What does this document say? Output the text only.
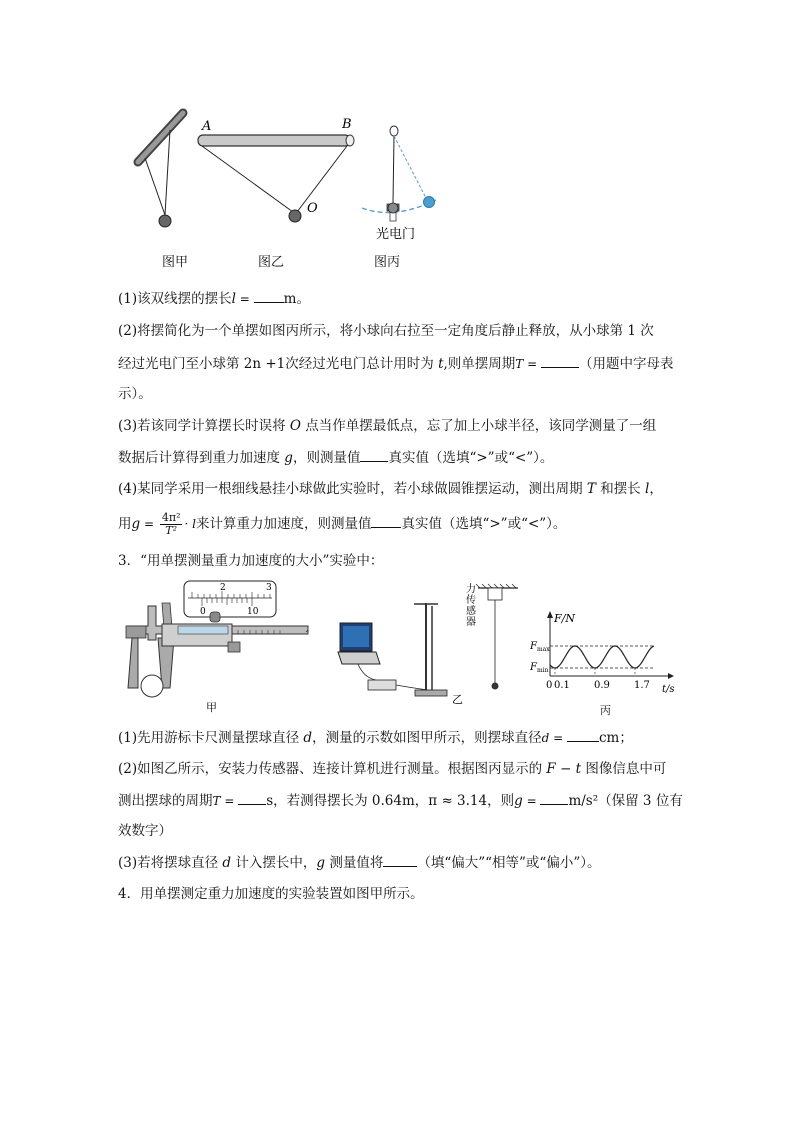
A	B
O
光电门
图甲	图乙	图丙
(1)该双线摆的摆长l = m。
(2)将摆简化为一个单摆如图丙所示，将小球向右拉至一定角度后静止释放，从小球第 1 次
经过光电门至小球第 2n +1次经过光电门总计用时为 t,则单摆周期T =	（用题中字母表
示）。
(3)若该同学计算摆长时误将 O 点当作单摆最低点，忘了加上小球半径，该同学测量了一组
数据后计算得到重力加速度 g，则测量值 真实值（选填“>”或“<”）。
(4)某同学采用一根细线悬挂小球做此实验时，若小球做圆锥摆运动，测出周期 T 和摆长 l，
用$g = \frac{\text{4π²}}{\text{T²}} \cdot l$来计算重力加速度，则测量值 真实值（选填“>”或“<”）。
3．“用单摆测量重力加速度的大小”实验中：
2	3
0	10
甲
乙
力传感器	F/N
t/s
$F_{max}$
$F_{min}$
0 0.1 0.9 1.7
丙
(1)先用游标卡尺测量摆球直径 d，测量的示数如图甲所示，则摆球直径d = cm；
(2)如图乙所示，安装力传感器、连接计算机进行测量。根据图丙显示的 F − t 图像信息中可
测出摆球的周期T = s，若测得摆长为 0.64m，π ≈ 3.14，则g = m/s²（保留 3 位有
效数字）
(3)若将摆球直径 d 计入摆长中，g 测量值将	（填“偏大”“相等”或“偏小”）。
4．用单摆测定重力加速度的实验装置如图甲所示。
